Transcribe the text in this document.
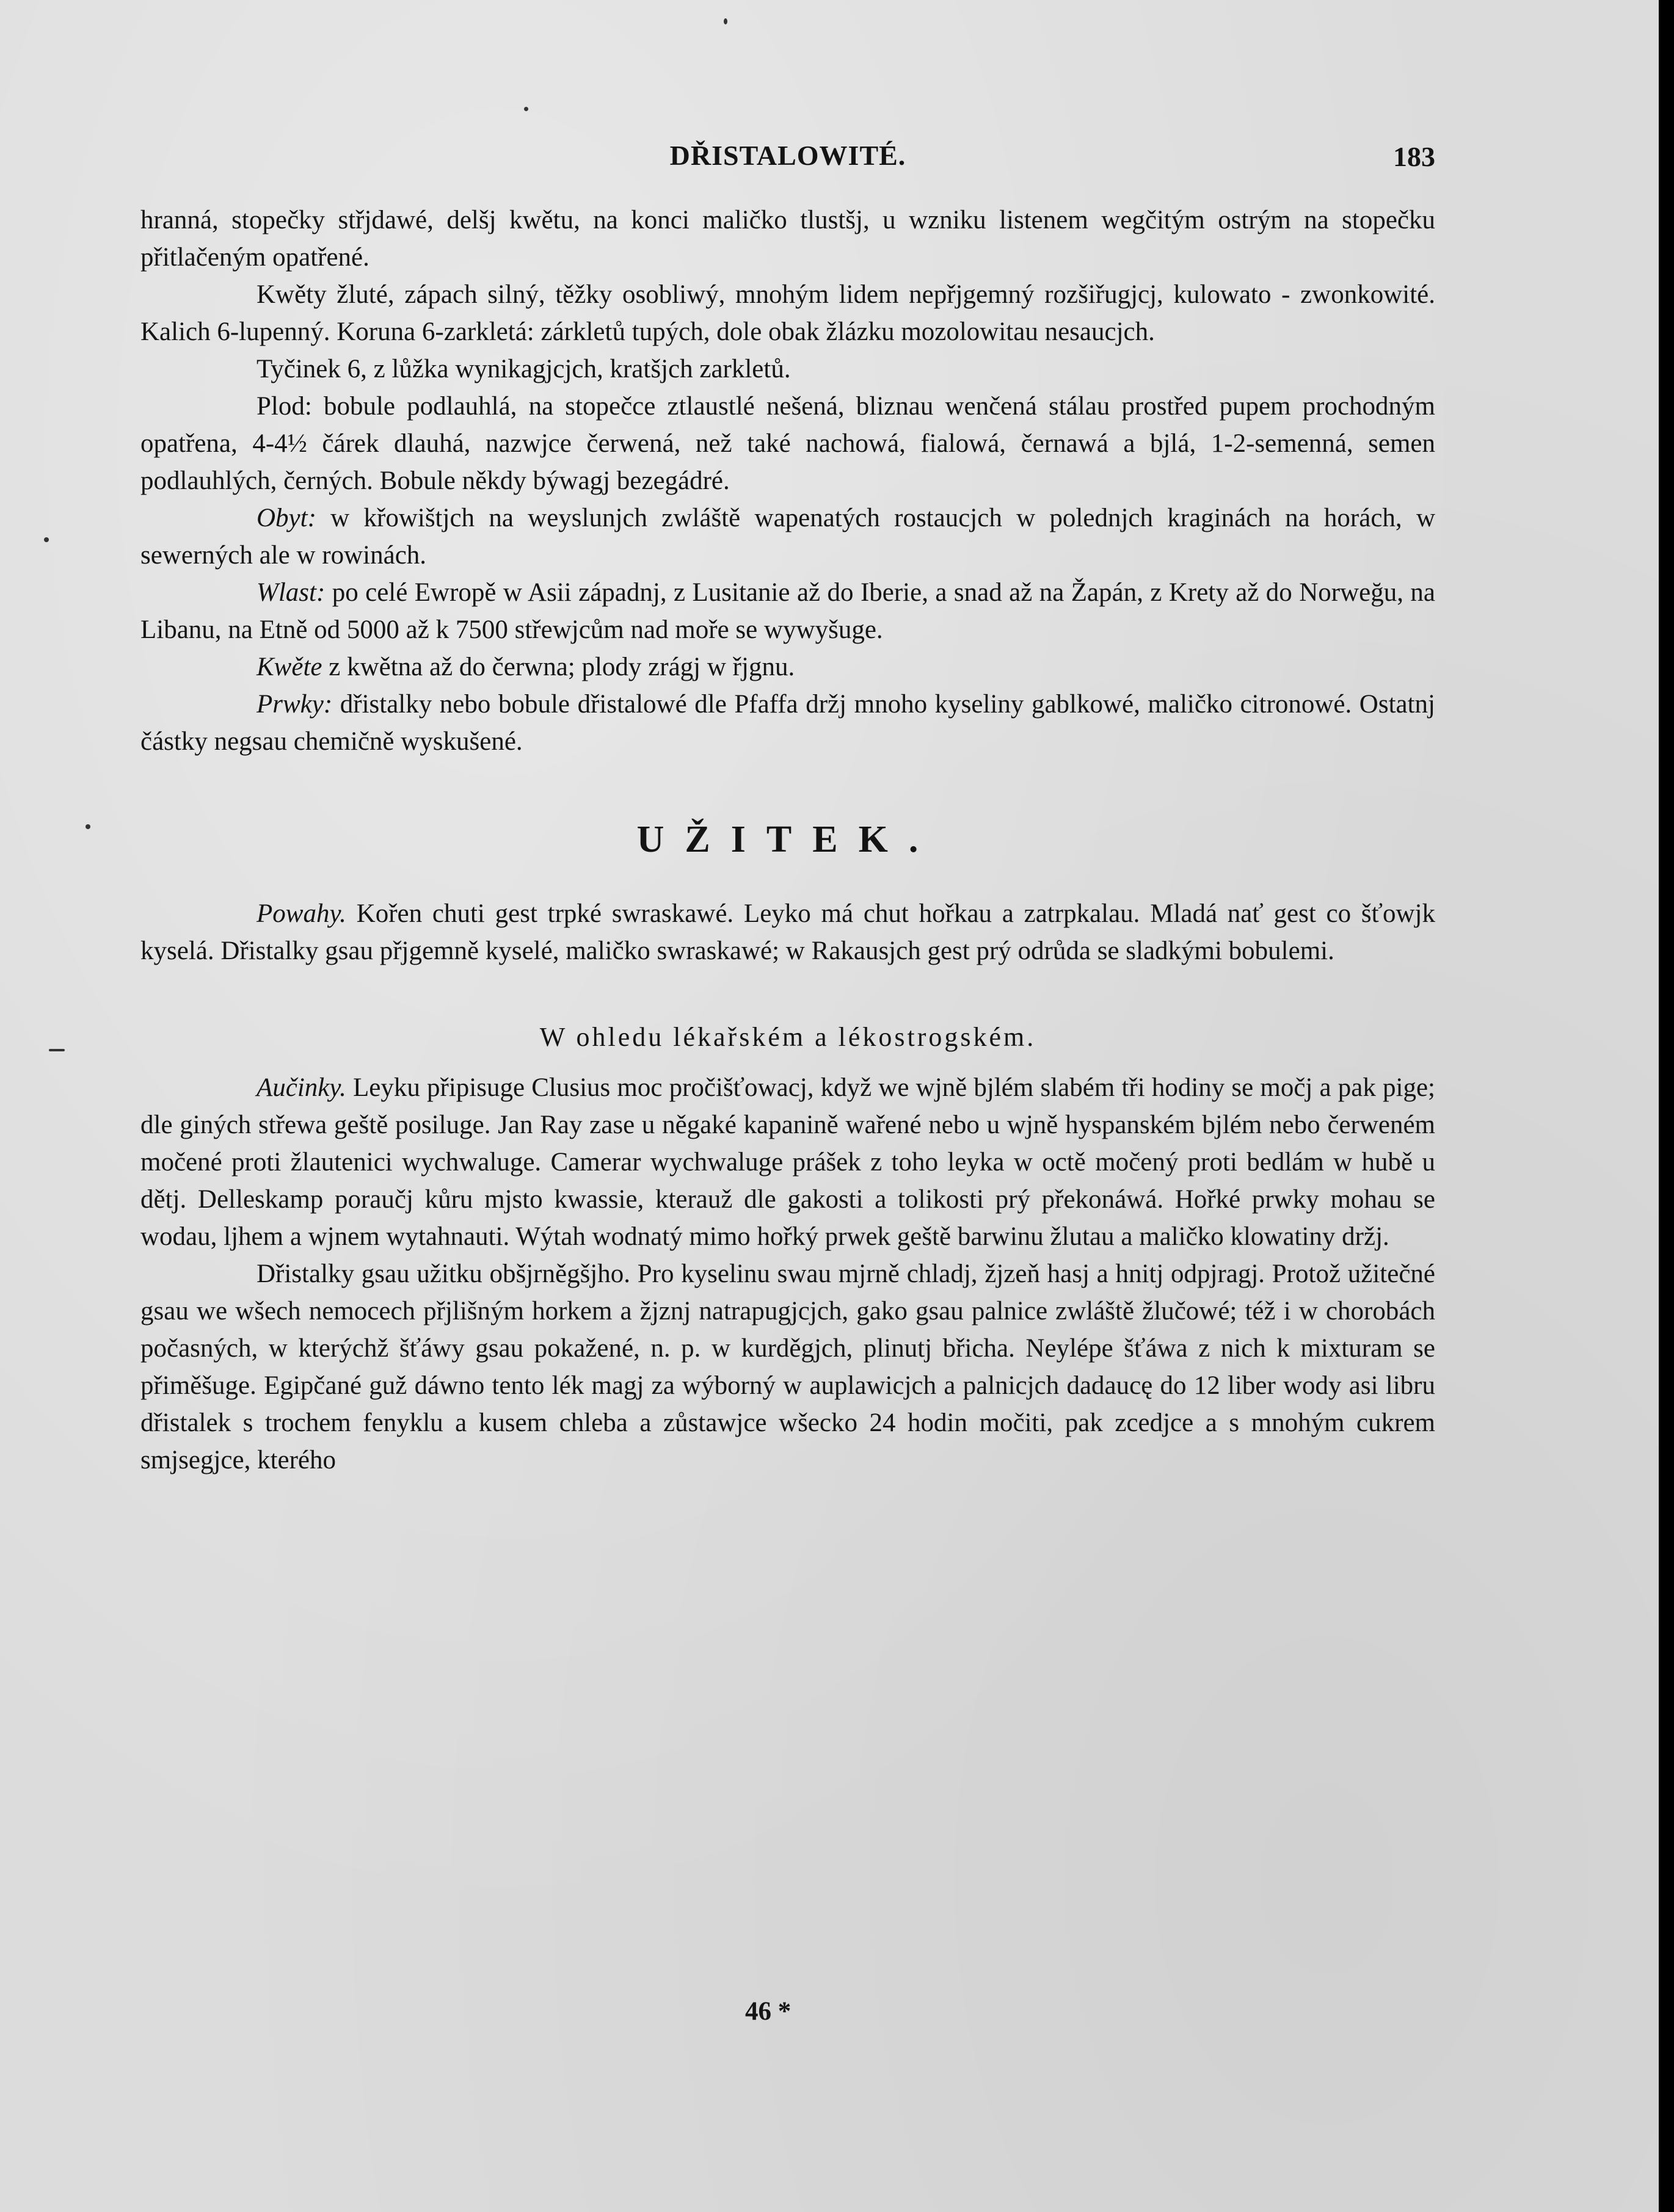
DŘISTALOWITÉ.	183

hranná, stopečky střjdawé, delšj kwětu, na konci maličko tlustšj, u wzniku listenem wegčitým ostrým na stopečku přitlačeným opatřené.

Kwěty žluté, zápach silný, těžky osobliwý, mnohým lidem nepřjgemný rozšiřugjcj, kulowato - zwonkowité. Kalich 6-lupenný. Koruna 6-zarkletá: zárkletů tupých, dole obak žlázku mozolowitau nesaucjch.

Tyčinek 6, z lůžka wynikagjcjch, kratšjch zarkletů.

Plod: bobule podlauhlá, na stopečce ztlaustlé nešená, bliznau wenčená stálau prostřed pupem prochodným opatřena, 4-4½ čárek dlauhá, nazwjce čerwená, než také nachowá, fialowá, černawá a bjlá, 1-2-semenná, semen podlauhlých, černých. Bobule někdy býwagj bezegádré.

Obyt: w křowištjch na weyslunjch zwláště wapenatých rostaucjch w polednjch kraginách na horách, w sewerných ale w rowinách.

Wlast: po celé Ewropě w Asii západnj, z Lusitanie až do Iberie, a snad až na Žapán, z Krety až do Norweğu, na Libanu, na Etně od 5000 až k 7500 střewjcům nad moře se wywyšuge.

Kwěte z kwětna až do čerwna; plody zrágj w řjgnu.

Prwky: dřistalky nebo bobule dřistalowé dle Pfaffa držj mnoho kyseliny gablkowé, maličko citronowé. Ostatnj částky negsau chemičně wyskušené.

UŽITEK.

Powahy. Kořen chuti gest trpké swraskawé. Leyko má chut hořkau a zatrpkalau. Mladá nať gest co šťowjk kyselá. Dřistalky gsau přjgemně kyselé, maličko swraskawé; w Rakausjch gest prý odrůda se sladkými bobulemi.

W ohledu lékařském a lékostrogském.

Aučinky. Leyku připisuge Clusius moc pročišťowacj, když we wjně bjlém slabém tři hodiny se močj a pak pige; dle giných střewa geště posiluge. Jan Ray zase u něgaké kapanině wařené nebo u wjně hyspanském bjlém nebo čerweném močené proti žlautenici wychwaluge. Camerar wychwaluge prášek z toho leyka w octě močený proti bedlám w hubě u dětj. Delleskamp poraučj kůru mjsto kwassie, kterauž dle gakosti a tolikosti prý překonáwá. Hořké prwky mohau se wodau, ljhem a wjnem wytahnauti. Wýtah wodnatý mimo hořký prwek geště barwinu žlutau a maličko klowatiny držj.

Dřistalky gsau užitku obšjrněgšjho. Pro kyselinu swau mjrně chladj, žjzeň hasj a hnitj odpjragj. Protož užitečné gsau we wšech nemocech přjlišným horkem a žjznj natrapugjcjch, gako gsau palnice zwláště žlučowé; též i w chorobách počasných, w kterýchž šťáwy gsau pokažené, n. p. w kurděgjch, plinutj břicha. Neylépe šťáwa z nich k mixturam se přiměšuge. Egipčané guž dáwno tento lék magj za wýborný w auplawicjch a palnicjch dadaucę do 12 liber wody asi libru dřistalek s trochem fenyklu a kusem chleba a zůstawjce wšecko 24 hodin močiti, pak zcedjce a s mnohým cukrem smjsegjce, kterého

46 *
